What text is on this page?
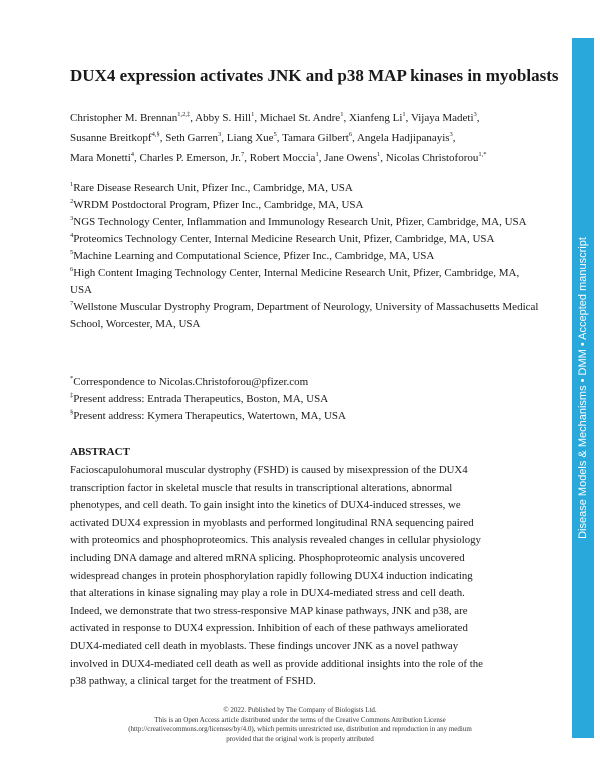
Disease Models & Mechanisms • DMM • Accepted manuscript
DUX4 expression activates JNK and p38 MAP kinases in myoblasts
Christopher M. Brennan$^{1,2,\ddagger}$, Abby S. Hill$^1$, Michael St. Andre$^1$, Xianfeng Li$^1$, Vijaya Madeti$^3$,
Susanne Breitkopf$^{4,\S}$, Seth Garren$^3$, Liang Xue$^5$, Tamara Gilbert$^6$, Angela Hadjipanayis$^3$,
Mara Monetti$^4$, Charles P. Emerson, Jr.$^7$, Robert Moccia$^1$, Jane Owens$^1$, Nicolas Christoforou$^{1,*}$
$^1$Rare Disease Research Unit, Pfizer Inc., Cambridge, MA, USA
$^2$WRDM Postdoctoral Program, Pfizer Inc., Cambridge, MA, USA
$^3$NGS Technology Center, Inflammation and Immunology Research Unit, Pfizer, Cambridge, MA, USA
$^4$Proteomics Technology Center, Internal Medicine Research Unit, Pfizer, Cambridge, MA, USA
$^5$Machine Learning and Computational Science, Pfizer Inc., Cambridge, MA, USA
$^6$High Content Imaging Technology Center, Internal Medicine Research Unit, Pfizer, Cambridge, MA, USA
$^7$Wellstone Muscular Dystrophy Program, Department of Neurology, University of Massachusetts Medical School, Worcester, MA, USA
*Correspondence to Nicolas.Christoforou@pfizer.com
‡Present address: Entrada Therapeutics, Boston, MA, USA
§Present address: Kymera Therapeutics, Watertown, MA, USA
ABSTRACT
Facioscapulohumoral muscular dystrophy (FSHD) is caused by misexpression of the DUX4
transcription factor in skeletal muscle that results in transcriptional alterations, abnormal
phenotypes, and cell death. To gain insight into the kinetics of DUX4-induced stresses, we
activated DUX4 expression in myoblasts and performed longitudinal RNA sequencing paired
with proteomics and phosphoproteomics. This analysis revealed changes in cellular physiology
including DNA damage and altered mRNA splicing. Phosphoproteomic analysis uncovered
widespread changes in protein phosphorylation rapidly following DUX4 induction indicating
that alterations in kinase signaling may play a role in DUX4-mediated stress and cell death.
Indeed, we demonstrate that two stress-responsive MAP kinase pathways, JNK and p38, are
activated in response to DUX4 expression. Inhibition of each of these pathways ameliorated
DUX4-mediated cell death in myoblasts. These findings uncover JNK as a novel pathway
involved in DUX4-mediated cell death as well as provide additional insights into the role of the
p38 pathway, a clinical target for the treatment of FSHD.
© 2022. Published by The Company of Biologists Ltd.
This is an Open Access article distributed under the terms of the Creative Commons Attribution License
(http://creativecommons.org/licenses/by/4.0), which permits unrestricted use, distribution and reproduction in any medium
provided that the original work is properly attributed
